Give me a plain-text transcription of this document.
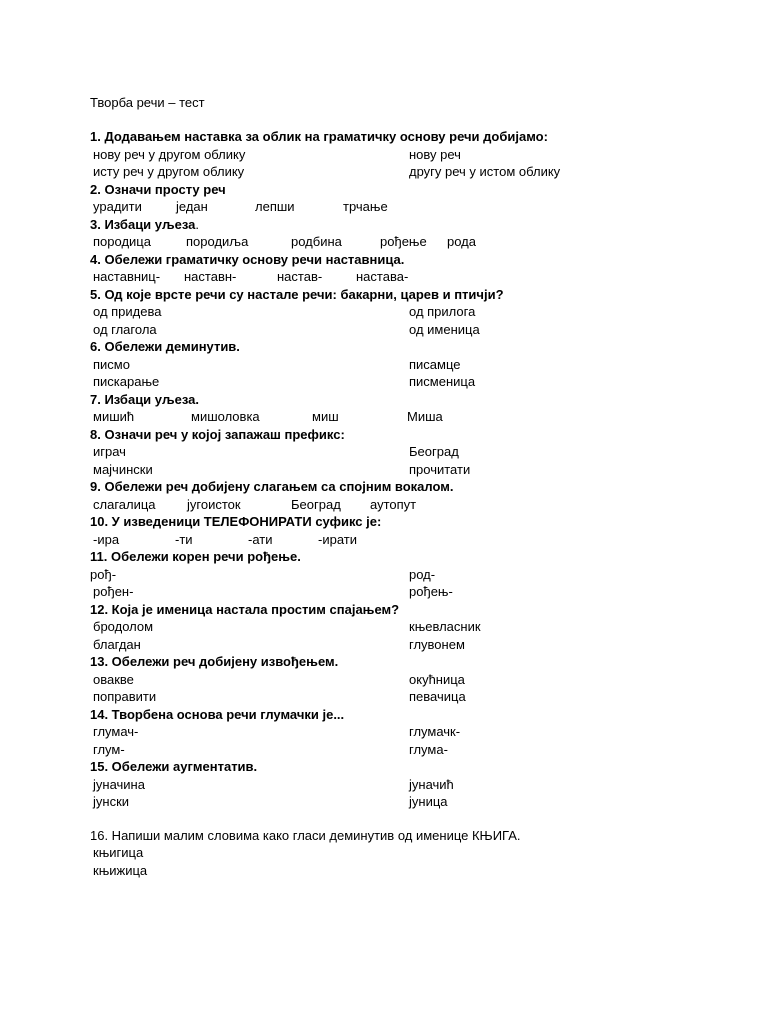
Творба речи – тест
1. Додавањем наставка за облик на граматичку основу речи добијамо:
нову реч у другом облику	нову реч
исту реч у другом облику	другу реч у истом облику
2. Означи просту реч
урадити	један	лепши	трчање
3. Избаци уљеза.
породица	породиља	родбина	рођење рода
4. Обележи граматичку основу речи наставница.
наставниц- наставн-	настав-	настава-
5. Од које врсте речи су настале речи: бакарни, царев и птичји?
од придева	од прилога
од глагола	од именица
6. Обележи деминутив.
писмо	писамце
пискарање	писменица
7. Избаци уљеза.
мишић	мишоловка	миш	Миша
8. Означи реч у којој запажаш префикс:
играч	Београд
мајчински	прочитати
9. Обележи реч добијену слагањем са спојним вокалом.
слагалица југоисток	Београд аутопут
10. У изведеници ТЕЛЕФОНИРАТИ суфикс је:
-ира	-ти	-ати	-ирати
11. Обележи корен речи рођење.
рођ-	род-
рођен-	рођењ-
12. Која је именица настала простим спајањем?
бродолом	књевласник
благдан	глувонем
13. Обележи реч добијену извођењем.
овакве	окућница
поправити	певачица
14. Творбена основа речи глумачки је...
глумач-	глумачк-
глум-	глума-
15. Обележи аугментатив.
јуначина	јуначић
јунски	јуница
16. Напиши малим словима како гласи деминутив од именице КЊИГА.
књигица
књижица
